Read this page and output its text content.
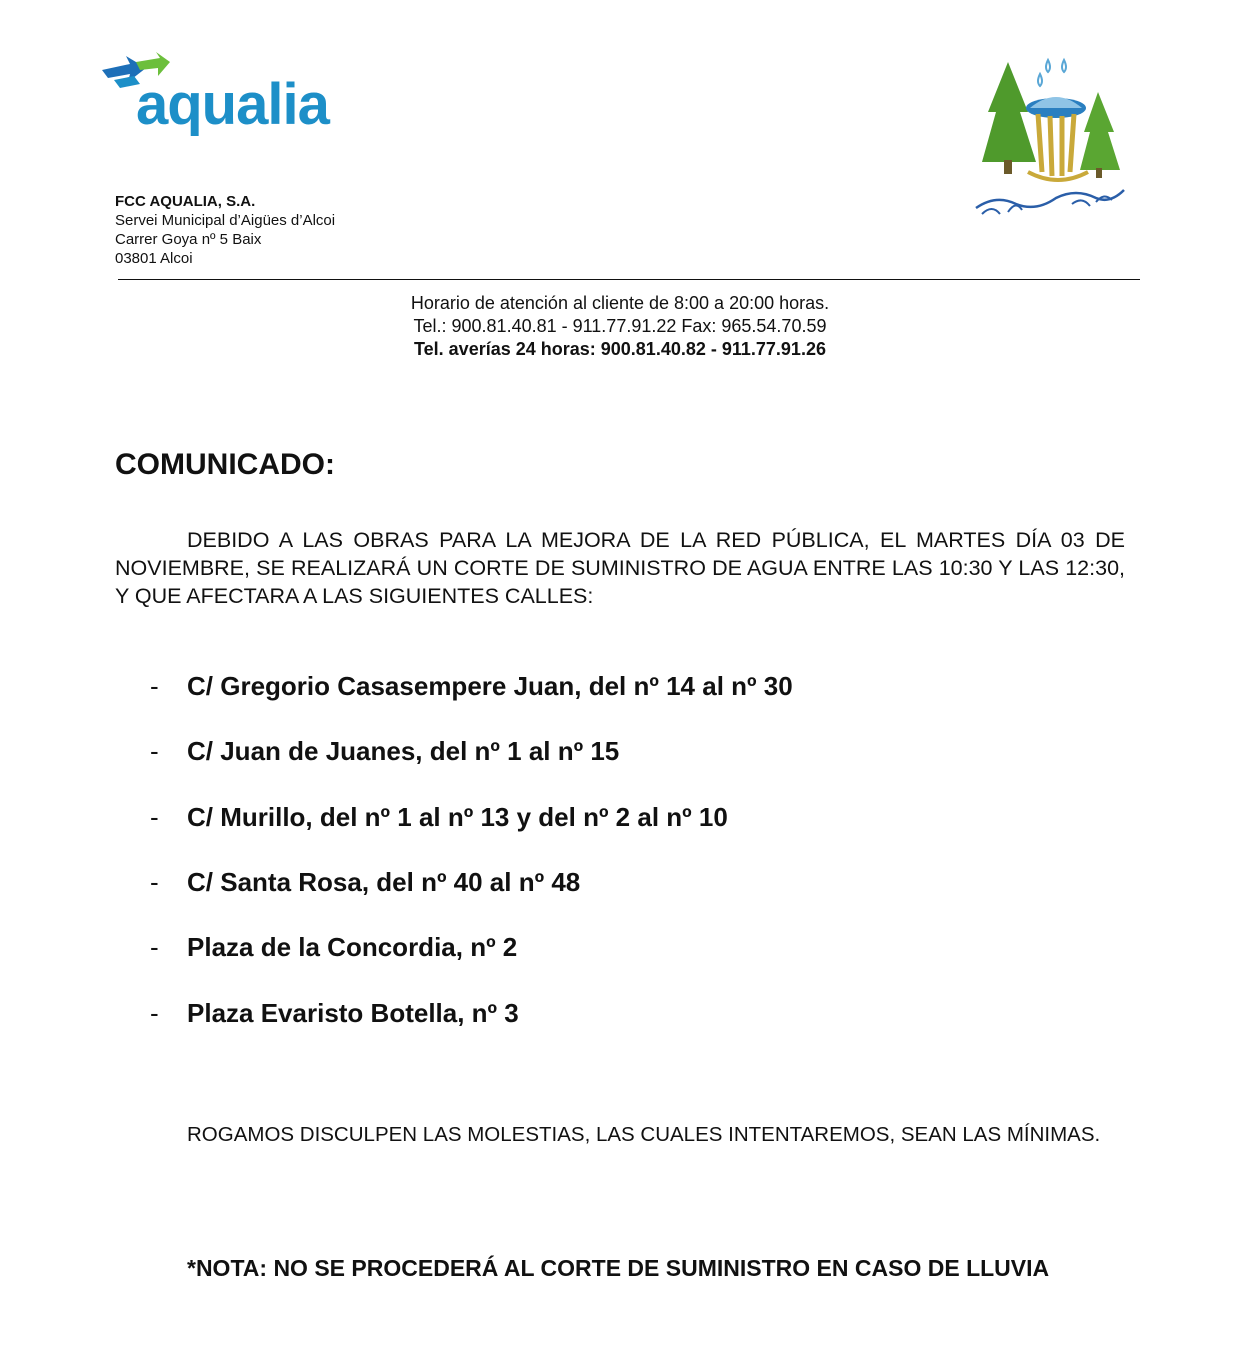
aqualia
FCC AQUALIA, S.A.
Servei Municipal d’Aigües d’Alcoi
Carrer Goya nº 5 Baix
03801 Alcoi
Horario de atención al cliente de 8:00 a 20:00 horas.
Tel.: 900.81.40.81 - 911.77.91.22 Fax: 965.54.70.59
Tel. averías 24 horas: 900.81.40.82 - 911.77.91.26
COMUNICADO:
DEBIDO A LAS OBRAS PARA LA MEJORA DE LA RED PÚBLICA, EL MARTES DÍA 03 DE NOVIEMBRE, SE REALIZARÁ UN CORTE DE SUMINISTRO DE AGUA ENTRE LAS 10:30 Y LAS 12:30, Y QUE AFECTARA A LAS SIGUIENTES CALLES:
- C/ Gregorio Casasempere Juan, del nº 14 al nº 30
- C/ Juan de Juanes, del nº 1 al nº 15
- C/ Murillo, del nº 1 al nº 13 y del nº 2 al nº 10
- C/ Santa Rosa, del nº 40 al nº 48
- Plaza de la Concordia, nº 2
- Plaza Evaristo Botella, nº 3
ROGAMOS DISCULPEN LAS MOLESTIAS, LAS CUALES INTENTAREMOS, SEAN LAS MÍNIMAS.
*NOTA: NO SE PROCEDERÁ AL CORTE DE SUMINISTRO EN CASO DE LLUVIA
